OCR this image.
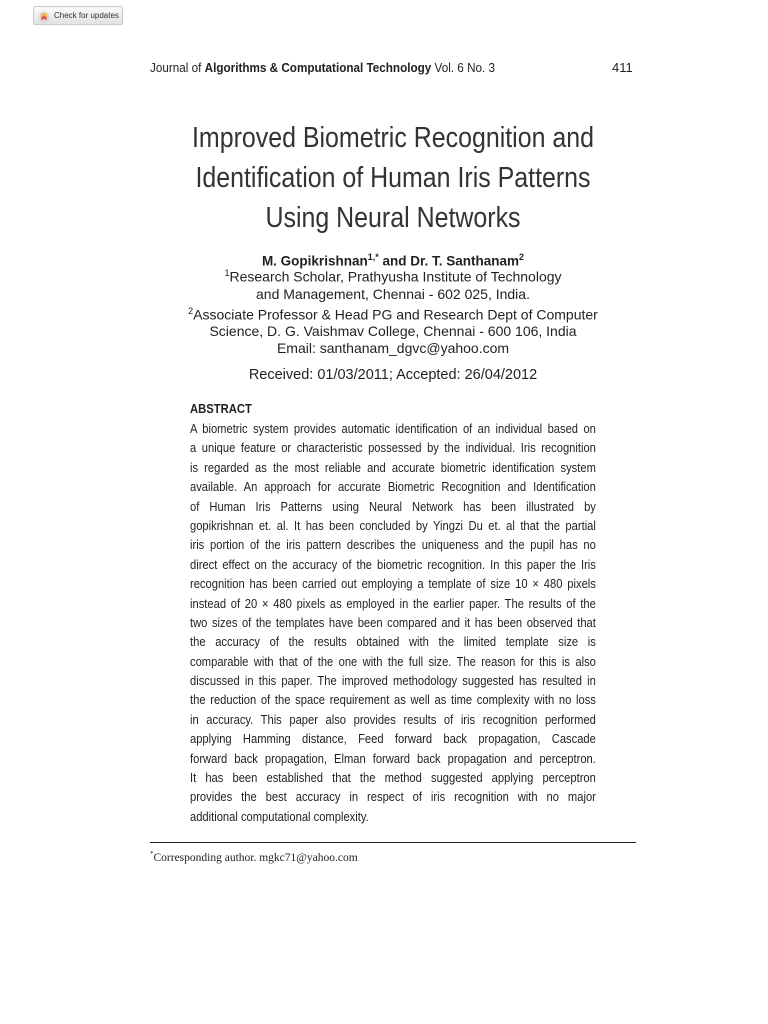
Check for updates
Journal of Algorithms & Computational Technology Vol. 6 No. 3	411
Improved Biometric Recognition and
Identification of Human Iris Patterns
Using Neural Networks
M. Gopikrishnan$^{1,*}$ and Dr. T. Santhanam$^2$
$^1$Research Scholar, Prathyusha Institute of Technology
and Management, Chennai - 602 025, India.
$^2$Associate Professor & Head PG and Research Dept of Computer
Science, D. G. Vaishmav College, Chennai - 600 106, India
Email: santhanam_dgvc@yahoo.com
Received: 01/03/2011; Accepted: 26/04/2012
ABSTRACT
A biometric system provides automatic identification of an individual based on
a unique feature or characteristic possessed by the individual. Iris recognition
is regarded as the most reliable and accurate biometric identification system
available. An approach for accurate Biometric Recognition and Identification
of Human Iris Patterns using Neural Network has been illustrated by
gopikrishnan et. al. It has been concluded by Yingzi Du et. al that the partial
iris portion of the iris pattern describes the uniqueness and the pupil has no
direct effect on the accuracy of the biometric recognition. In this paper the Iris
recognition has been carried out employing a template of size 10 × 480 pixels
instead of 20 × 480 pixels as employed in the earlier paper. The results of the
two sizes of the templates have been compared and it has been observed that
the accuracy of the results obtained with the limited template size is
comparable with that of the one with the full size. The reason for this is also
discussed in this paper. The improved methodology suggested has resulted in
the reduction of the space requirement as well as time complexity with no loss
in accuracy. This paper also provides results of iris recognition performed
applying Hamming distance, Feed forward back propagation, Cascade
forward back propagation, Elman forward back propagation and perceptron.
It has been established that the method suggested applying perceptron
provides the best accuracy in respect of iris recognition with no major
additional computational complexity.
*Corresponding author. mgkc71@yahoo.com
